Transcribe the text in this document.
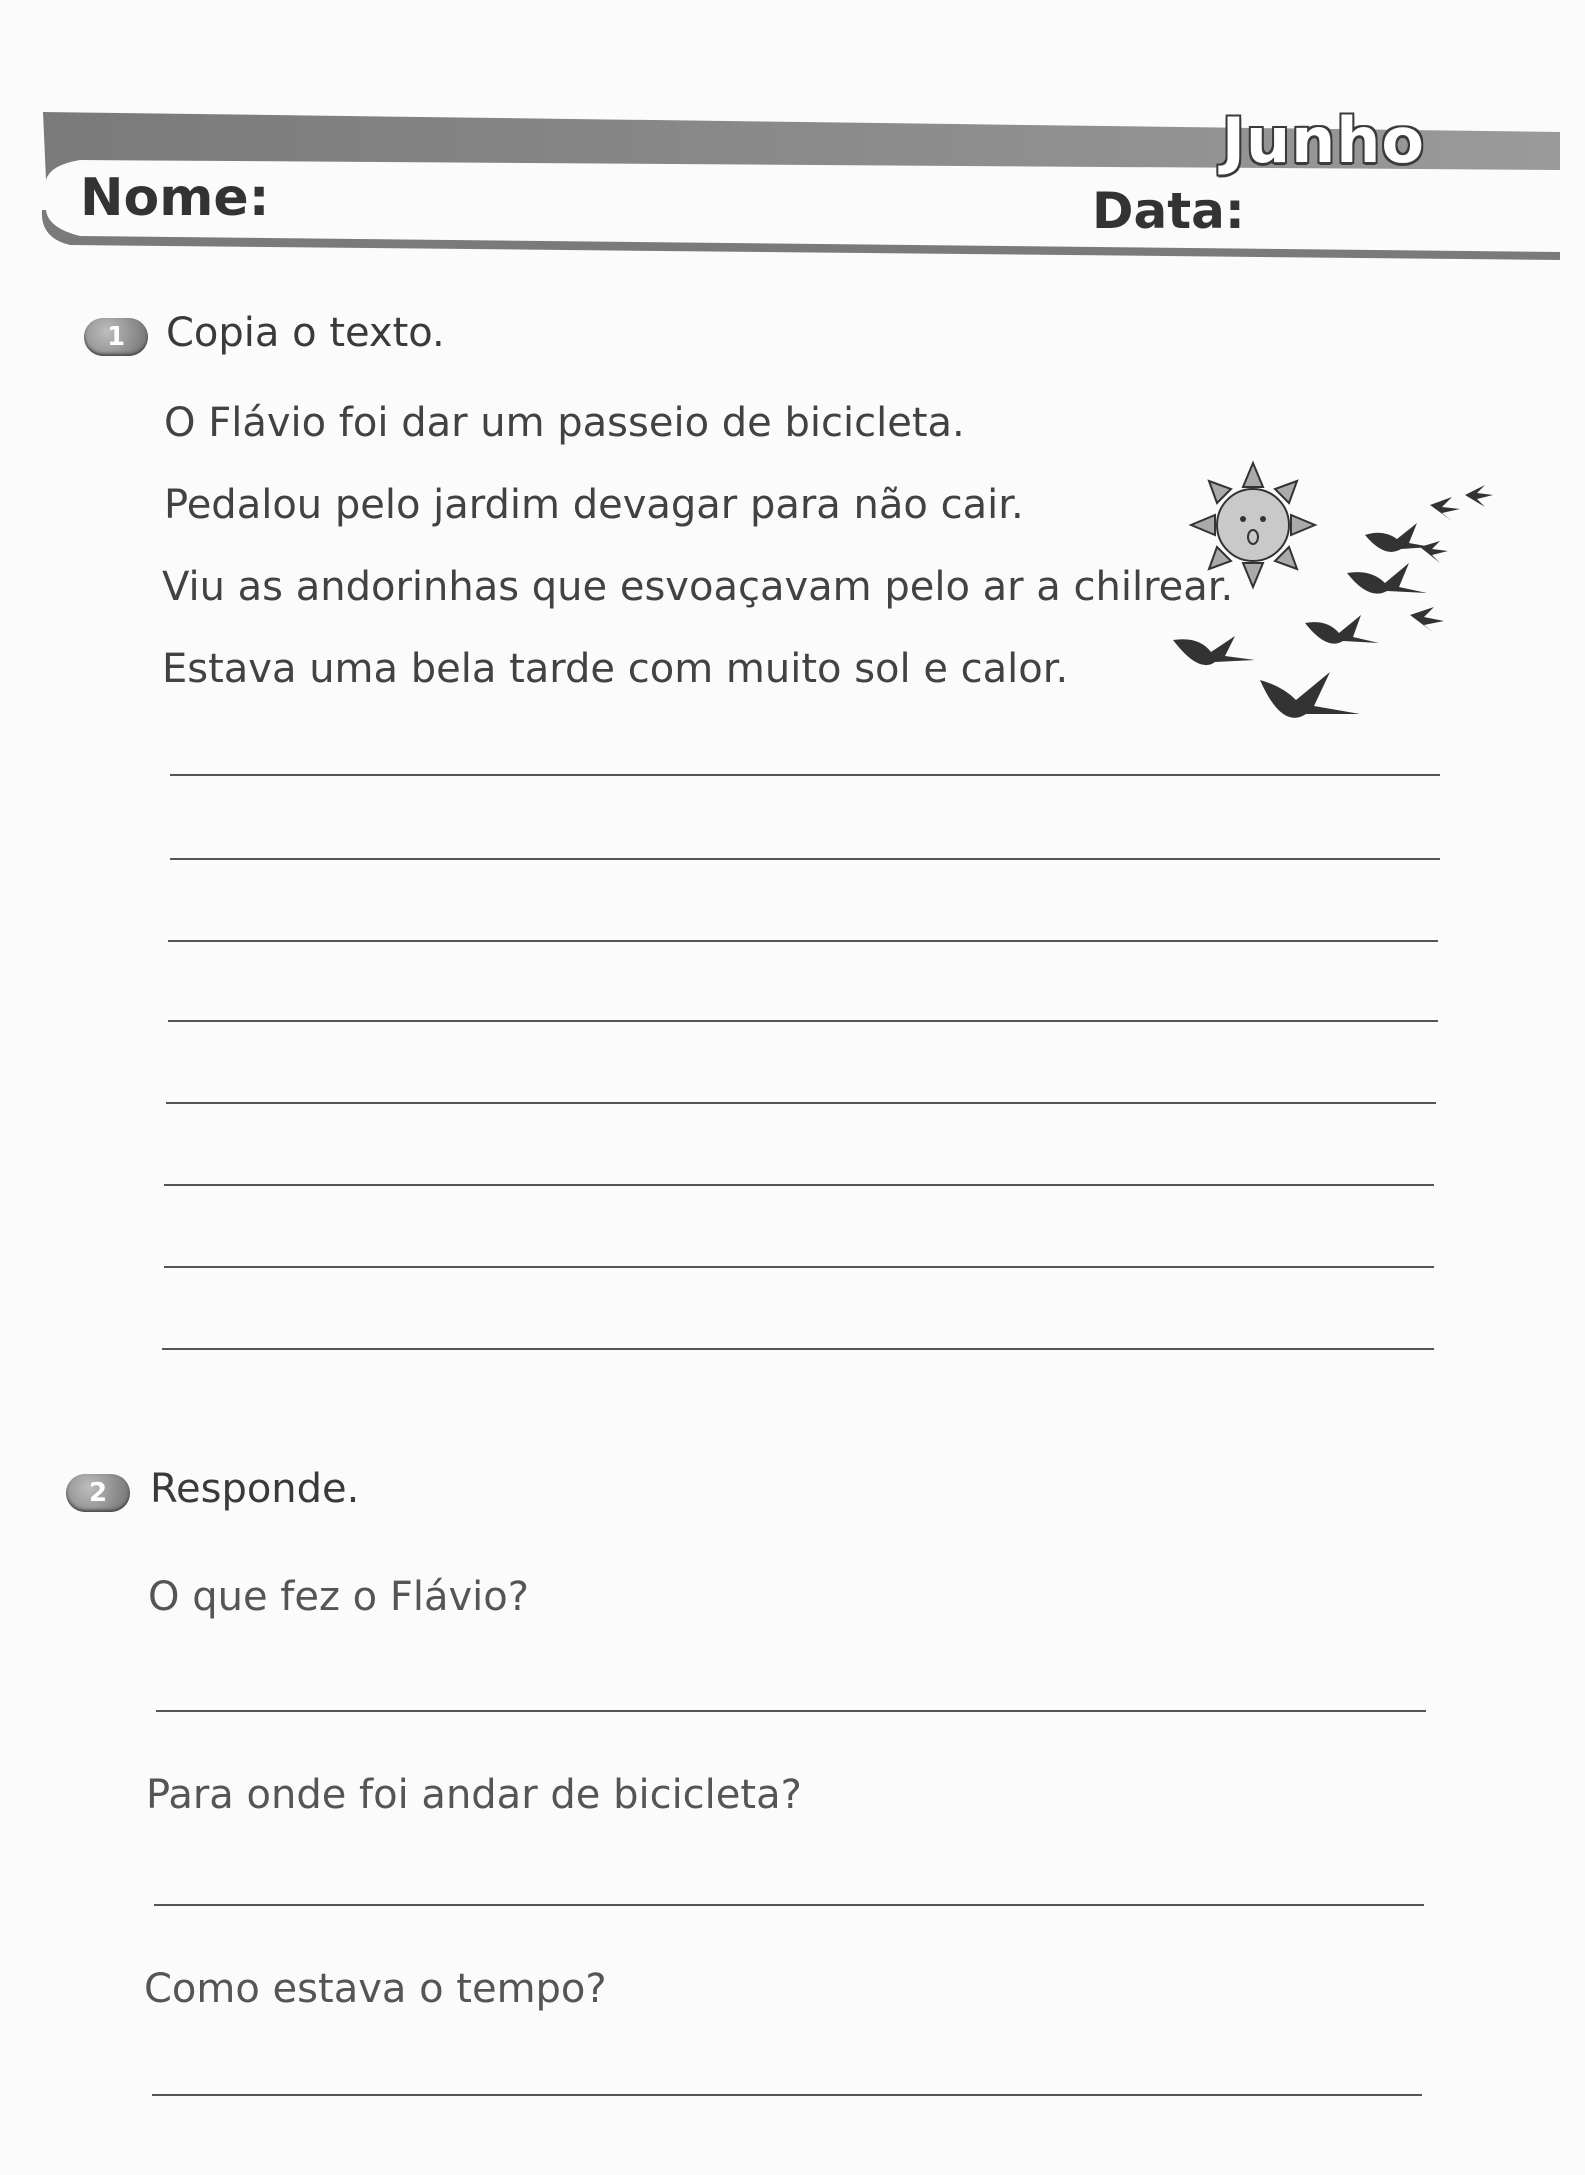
Junho
Nome:	Data:
1	Copia o texto.
O Flávio foi dar um passeio de bicicleta.
Pedalou pelo jardim devagar para não cair.
Viu as andorinhas que esvoaçavam pelo ar a chilrear.
Estava uma bela tarde com muito sol e calor.
2	Responde.
O que fez o Flávio?
Para onde foi andar de bicicleta?
Como estava o tempo?
